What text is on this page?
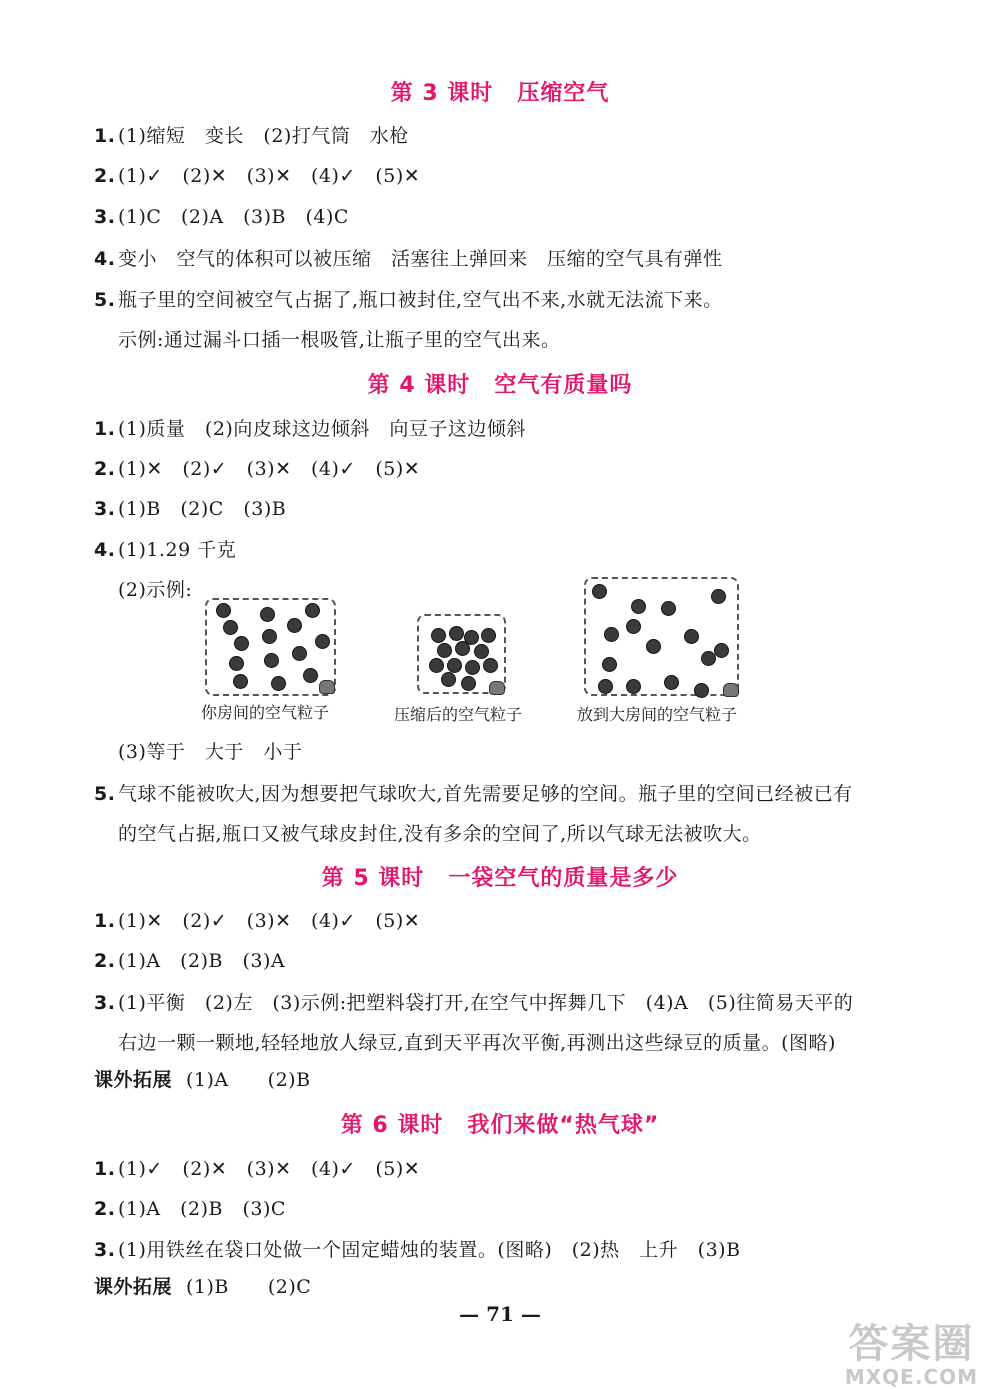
第 3 课时 压缩空气
1. (1)缩短　变长　(2)打气筒　水枪
2. (1)✓　(2)✕　(3)✕　(4)✓　(5)✕
3. (1)C　(2)A　(3)B　(4)C
4. 变小　空气的体积可以被压缩　活塞往上弹回来　压缩的空气具有弹性
5. 瓶子里的空间被空气占据了,瓶口被封住,空气出不来,水就无法流下来。
示例:通过漏斗口插一根吸管,让瓶子里的空气出来。
第 4 课时 空气有质量吗
1. (1)质量　(2)向皮球这边倾斜　向豆子这边倾斜
2. (1)✕　(2)✓　(3)✕　(4)✓　(5)✕
3. (1)B　(2)C　(3)B
4. (1)1.29 千克
(2)示例:
你房间的空气粒子	压缩后的空气粒子	放到大房间的空气粒子
(3)等于　大于　小于
5. 气球不能被吹大,因为想要把气球吹大,首先需要足够的空间。瓶子里的空间已经被已有
的空气占据,瓶口又被气球皮封住,没有多余的空间了,所以气球无法被吹大。
第 5 课时 一袋空气的质量是多少
1. (1)✕　(2)✓　(3)✕　(4)✓　(5)✕
2. (1)A　(2)B　(3)A
3. (1)平衡　(2)左　(3)示例:把塑料袋打开,在空气中挥舞几下　(4)A　(5)往简易天平的
右边一颗一颗地,轻轻地放人绿豆,直到天平再次平衡,再测出这些绿豆的质量。(图略)
课外拓展 (1)A　　(2)B
第 6 课时 我们来做“热气球”
1. (1)✓　(2)✕　(3)✕　(4)✓　(5)✕
2. (1)A　(2)B　(3)C
3. (1)用铁丝在袋口处做一个固定蜡烛的装置。(图略)　(2)热　上升　(3)B
课外拓展 (1)B　　(2)C
— 71 —
答案圈
MXQE.COM
